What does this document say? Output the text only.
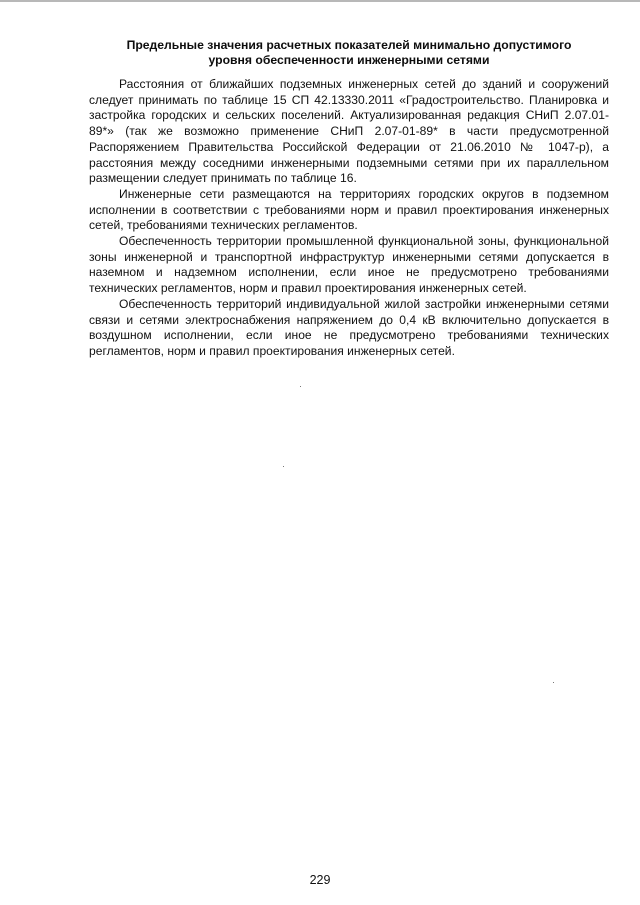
Предельные значения расчетных показателей минимально допустимого
уровня обеспеченности инженерными сетями

Расстояния от ближайших подземных инженерных сетей до зданий и сооружений следует принимать по таблице 15 СП 42.13330.2011 «Градостроительство. Планировка и застройка городских и сельских поселений. Актуализированная редакция СНиП 2.07.01-89*» (так же возможно применение СНиП 2.07-01-89* в части предусмотренной Распоряжением Правительства Российской Федерации от 21.06.2010 № 1047-р), а расстояния между соседними инженерными подземными сетями при их параллельном размещении следует принимать по таблице 16.

Инженерные сети размещаются на территориях городских округов в подземном исполнении в соответствии с требованиями норм и правил проектирования инженерных сетей, требованиями технических регламентов.

Обеспеченность территории промышленной функциональной зоны, функциональной зоны инженерной и транспортной инфраструктур инженерными сетями допускается в наземном и надземном исполнении, если иное не предусмотрено требованиями технических регламентов, норм и правил проектирования инженерных сетей.

Обеспеченность территорий индивидуальной жилой застройки инженерными сетями связи и сетями электроснабжения напряжением до 0,4 кВ включительно допускается в воздушном исполнении, если иное не предусмотрено требованиями технических регламентов, норм и правил проектирования инженерных сетей.

229
